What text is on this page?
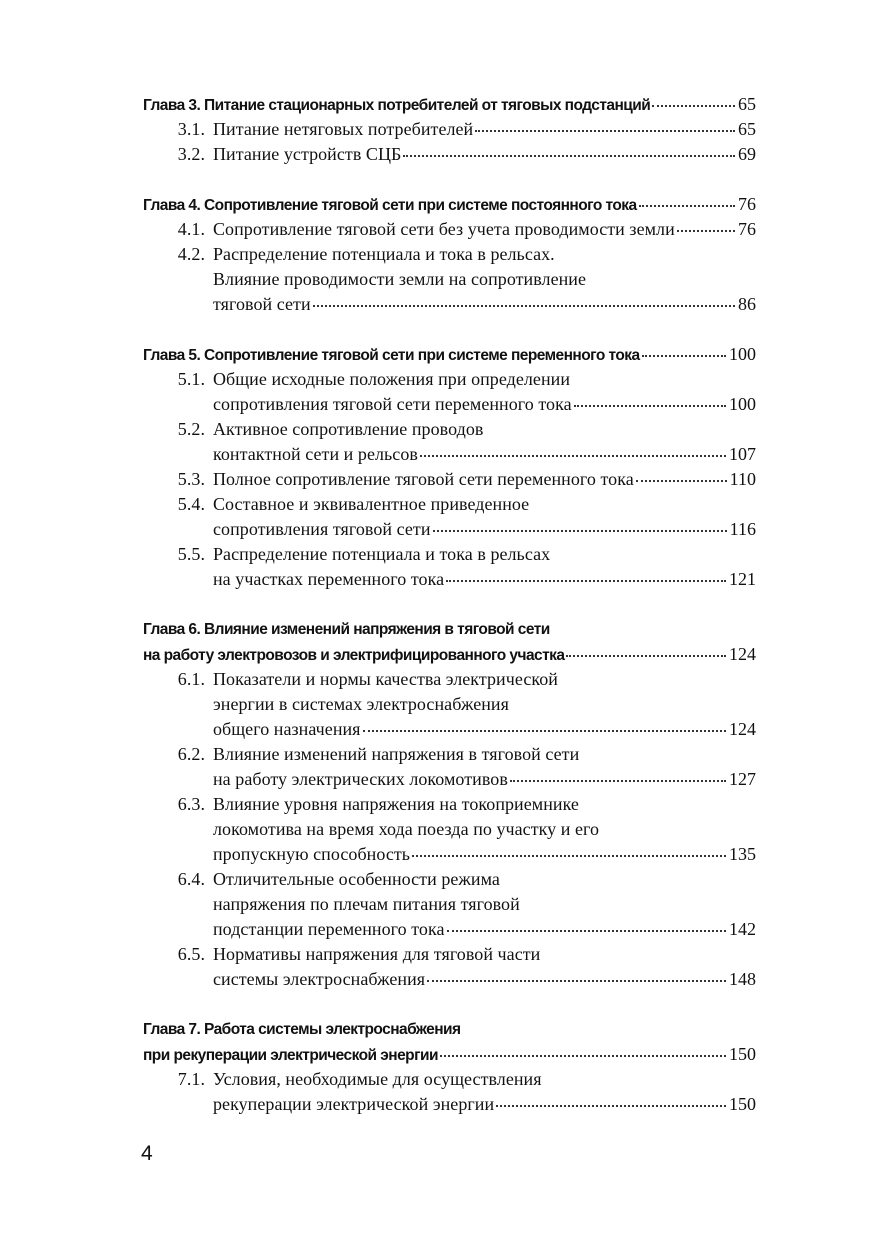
Глава 3. Питание стационарных потребителей от тяговых подстанций	65
3.1. Питание нетяговых потребителей	65
3.2. Питание устройств СЦБ	69
Глава 4. Сопротивление тяговой сети при системе постоянного тока	76
4.1. Сопротивление тяговой сети без учета проводимости земли	76
4.2. Распределение потенциала и тока в рельсах.
Влияние проводимости земли на сопротивление
тяговой сети	86
Глава 5. Сопротивление тяговой сети при системе переменного тока	100
5.1. Общие исходные положения при определении
сопротивления тяговой сети переменного тока	100
5.2. Активное сопротивление проводов
контактной сети и рельсов	107
5.3. Полное сопротивление тяговой сети переменного тока	110
5.4. Составное и эквивалентное приведенное
сопротивления тяговой сети	116
5.5. Распределение потенциала и тока в рельсах
на участках переменного тока	121
Глава 6. Влияние изменений напряжения в тяговой сети
на работу электровозов и электрифицированного участка	124
6.1. Показатели и нормы качества электрической
энергии в системах электроснабжения
общего назначения	124
6.2. Влияние изменений напряжения в тяговой сети
на работу электрических локомотивов	127
6.3. Влияние уровня напряжения на токоприемнике
локомотива на время хода поезда по участку и его
пропускную способность	135
6.4. Отличительные особенности режима
напряжения по плечам питания тяговой
подстанции переменного тока	142
6.5. Нормативы напряжения для тяговой части
системы электроснабжения	148
Глава 7. Работа системы электроснабжения
при рекуперации электрической энергии	150
7.1. Условия, необходимые для осуществления
рекуперации электрической энергии	150
4
